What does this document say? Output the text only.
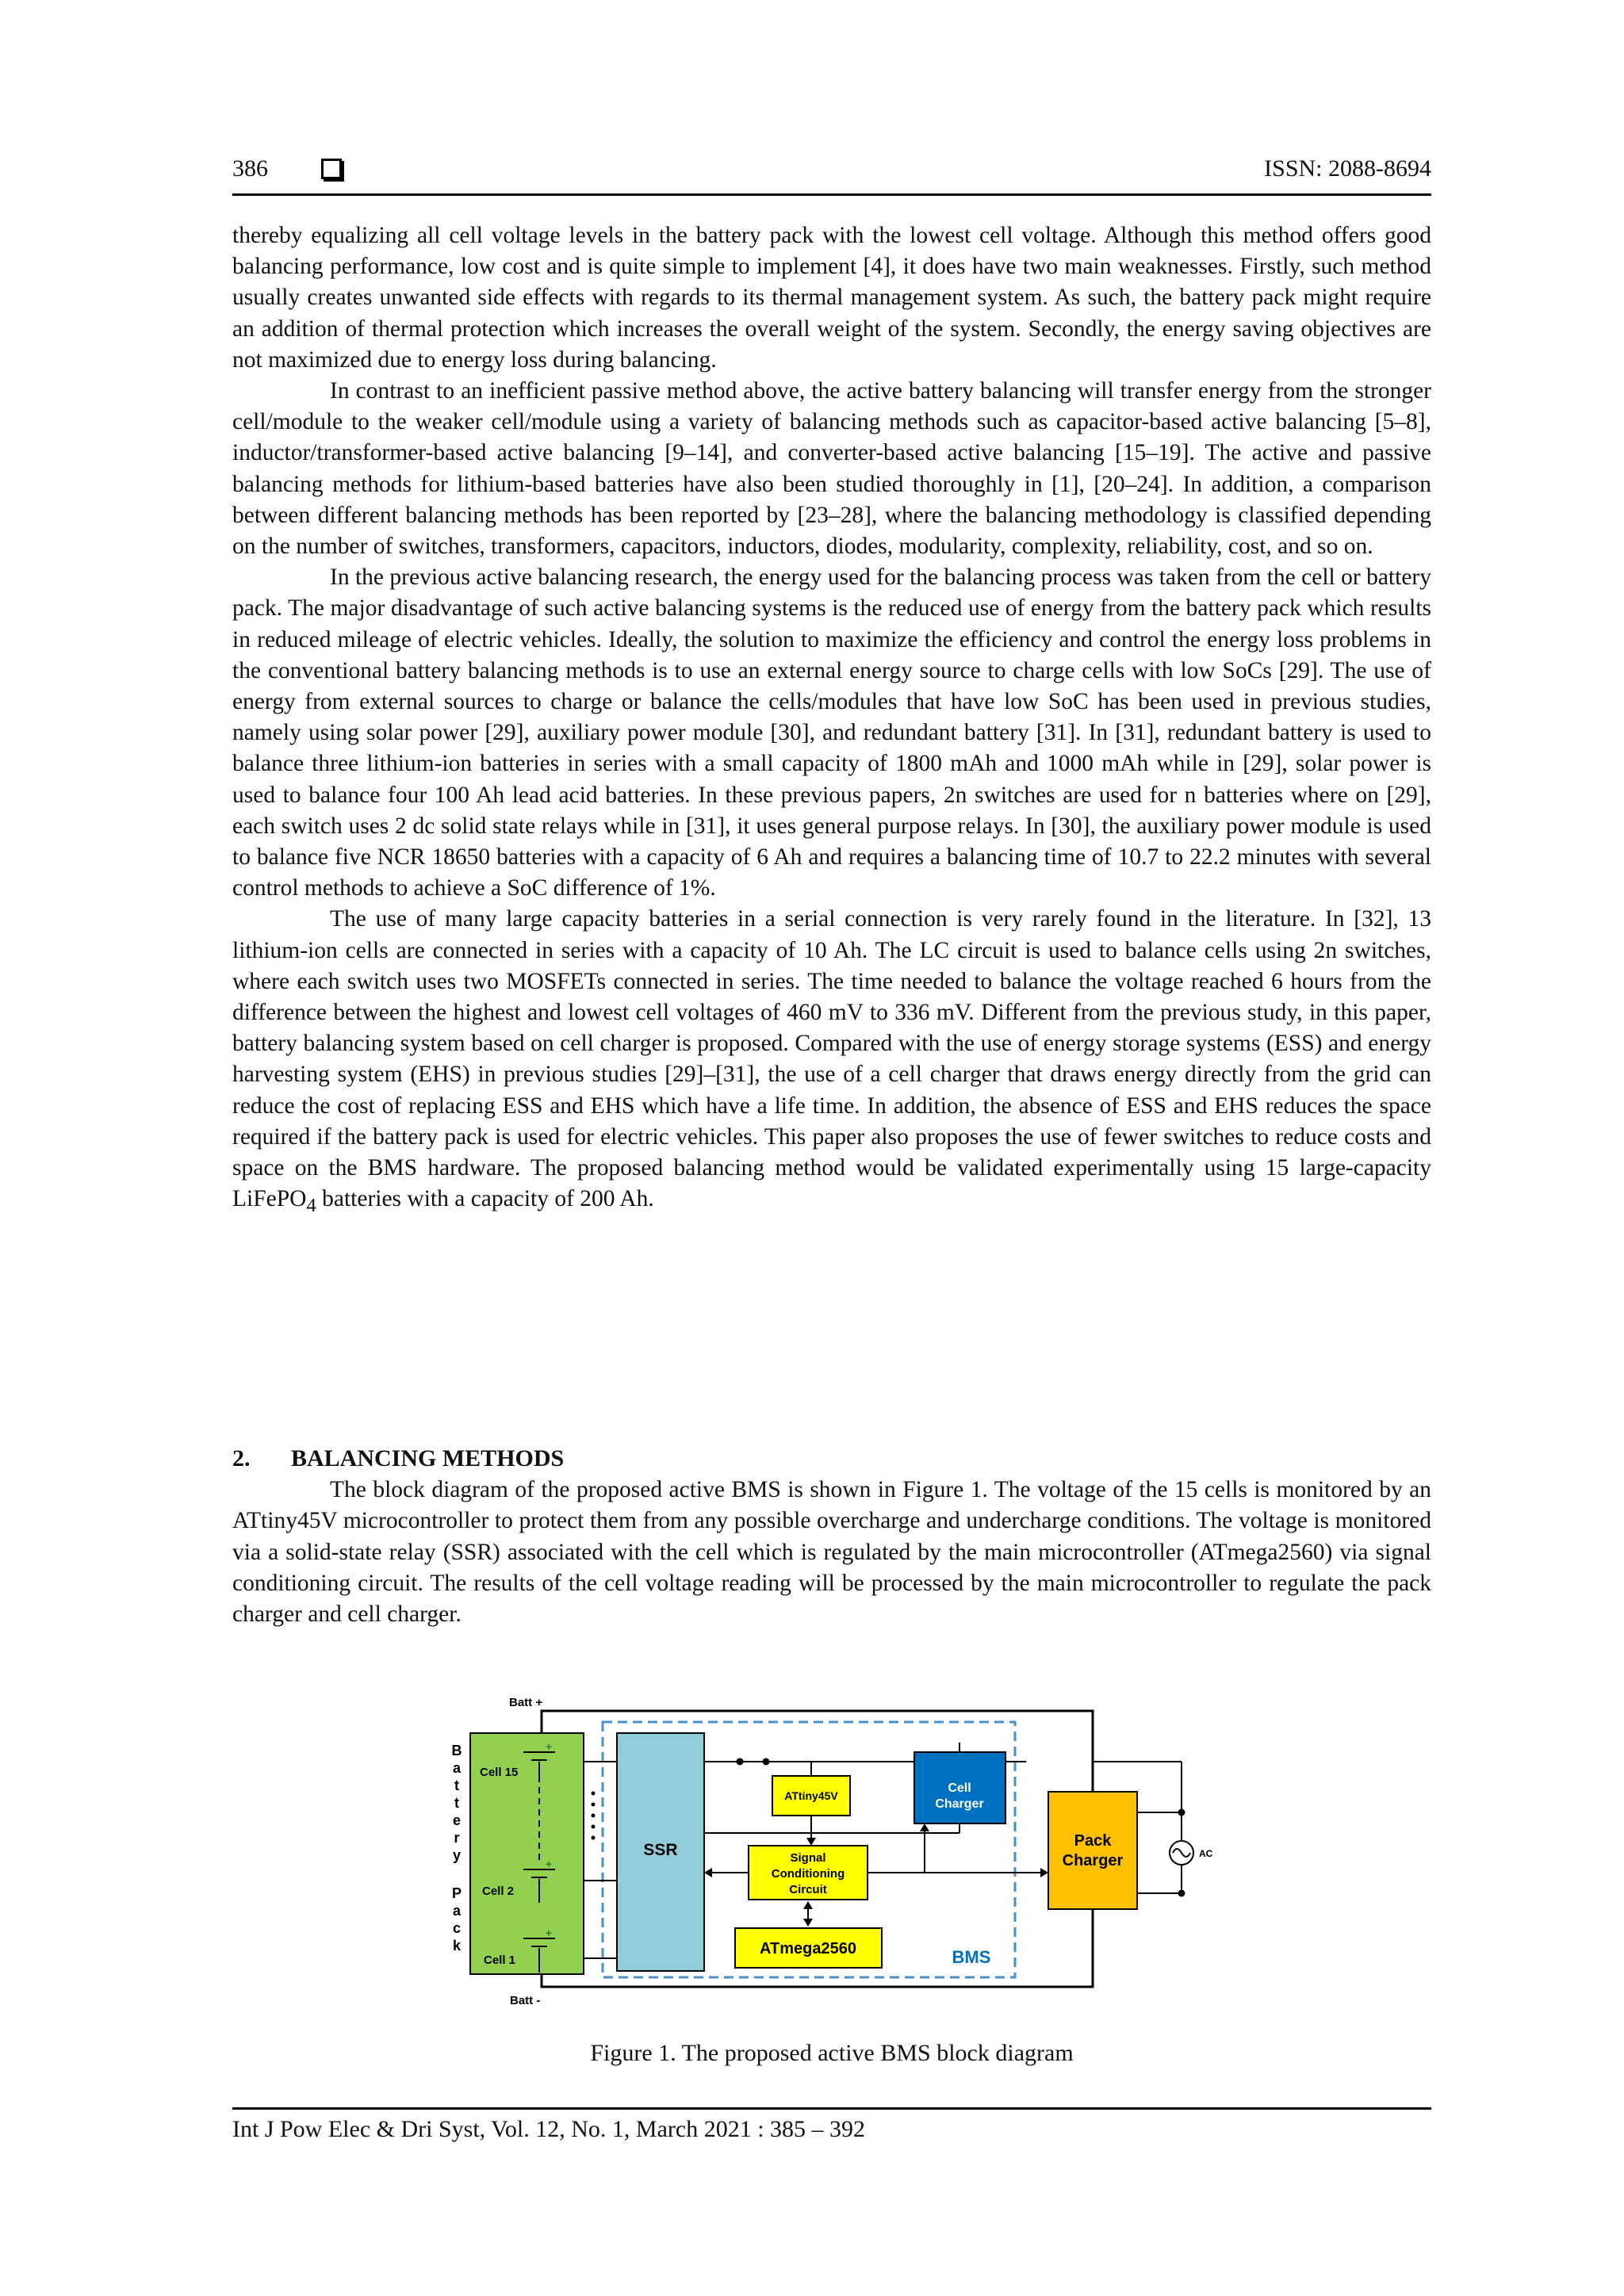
386	ISSN: 2088-8694

thereby equalizing all cell voltage levels in the battery pack with the lowest cell voltage. Although this method offers good balancing performance, low cost and is quite simple to implement [4], it does have two main weaknesses. Firstly, such method usually creates unwanted side effects with regards to its thermal management system. As such, the battery pack might require an addition of thermal protection which increases the overall weight of the system. Secondly, the energy saving objectives are not maximized due to energy loss during balancing.

In contrast to an inefficient passive method above, the active battery balancing will transfer energy from the stronger cell/module to the weaker cell/module using a variety of balancing methods such as capacitor-based active balancing [5–8], inductor/transformer-based active balancing [9–14], and converter-based active balancing [15–19]. The active and passive balancing methods for lithium-based batteries have also been studied thoroughly in [1], [20–24]. In addition, a comparison between different balancing methods has been reported by [23–28], where the balancing methodology is classified depending on the number of switches, transformers, capacitors, inductors, diodes, modularity, complexity, reliability, cost, and so on.

In the previous active balancing research, the energy used for the balancing process was taken from the cell or battery pack. The major disadvantage of such active balancing systems is the reduced use of energy from the battery pack which results in reduced mileage of electric vehicles. Ideally, the solution to maximize the efficiency and control the energy loss problems in the conventional battery balancing methods is to use an external energy source to charge cells with low SoCs [29]. The use of energy from external sources to charge or balance the cells/modules that have low SoC has been used in previous studies, namely using solar power [29], auxiliary power module [30], and redundant battery [31]. In [31], redundant battery is used to balance three lithium-ion batteries in series with a small capacity of 1800 mAh and 1000 mAh while in [29], solar power is used to balance four 100 Ah lead acid batteries. In these previous papers, 2n switches are used for n batteries where on [29], each switch uses 2 dc solid state relays while in [31], it uses general purpose relays. In [30], the auxiliary power module is used to balance five NCR 18650 batteries with a capacity of 6 Ah and requires a balancing time of 10.7 to 22.2 minutes with several control methods to achieve a SoC difference of 1%.

The use of many large capacity batteries in a serial connection is very rarely found in the literature. In [32], 13 lithium-ion cells are connected in series with a capacity of 10 Ah. The LC circuit is used to balance cells using 2n switches, where each switch uses two MOSFETs connected in series. The time needed to balance the voltage reached 6 hours from the difference between the highest and lowest cell voltages of 460 mV to 336 mV. Different from the previous study, in this paper, battery balancing system based on cell charger is proposed. Compared with the use of energy storage systems (ESS) and energy harvesting system (EHS) in previous studies [29]–[31], the use of a cell charger that draws energy directly from the grid can reduce the cost of replacing ESS and EHS which have a life time. In addition, the absence of ESS and EHS reduces the space required if the battery pack is used for electric vehicles. This paper also proposes the use of fewer switches to reduce costs and space on the BMS hardware. The proposed balancing method would be validated experimentally using 15 large-capacity LiFePO$_4$ batteries with a capacity of 200 Ah.

2. BALANCING METHODS

The block diagram of the proposed active BMS is shown in Figure 1. The voltage of the 15 cells is monitored by an ATtiny45V microcontroller to protect them from any possible overcharge and undercharge conditions. The voltage is monitored via a solid-state relay (SSR) associated with the cell which is regulated by the main microcontroller (ATmega2560) via signal conditioning circuit. The results of the cell voltage reading will be processed by the main microcontroller to regulate the pack charger and cell charger.

+
+
+
Cell 15
Cell 2
Cell 1
B
a
t
t
e
r
y
P
a
c
k
Batt +
Batt -
SSR
ATtiny45V
Signal
Conditioning
Circuit
ATmega2560
Cell
Charger
Pack
Charger
BMS
AC
Figure 1. The proposed active BMS block diagram
Int J Pow Elec & Dri Syst, Vol. 12, No. 1, March 2021 : 385 – 392
